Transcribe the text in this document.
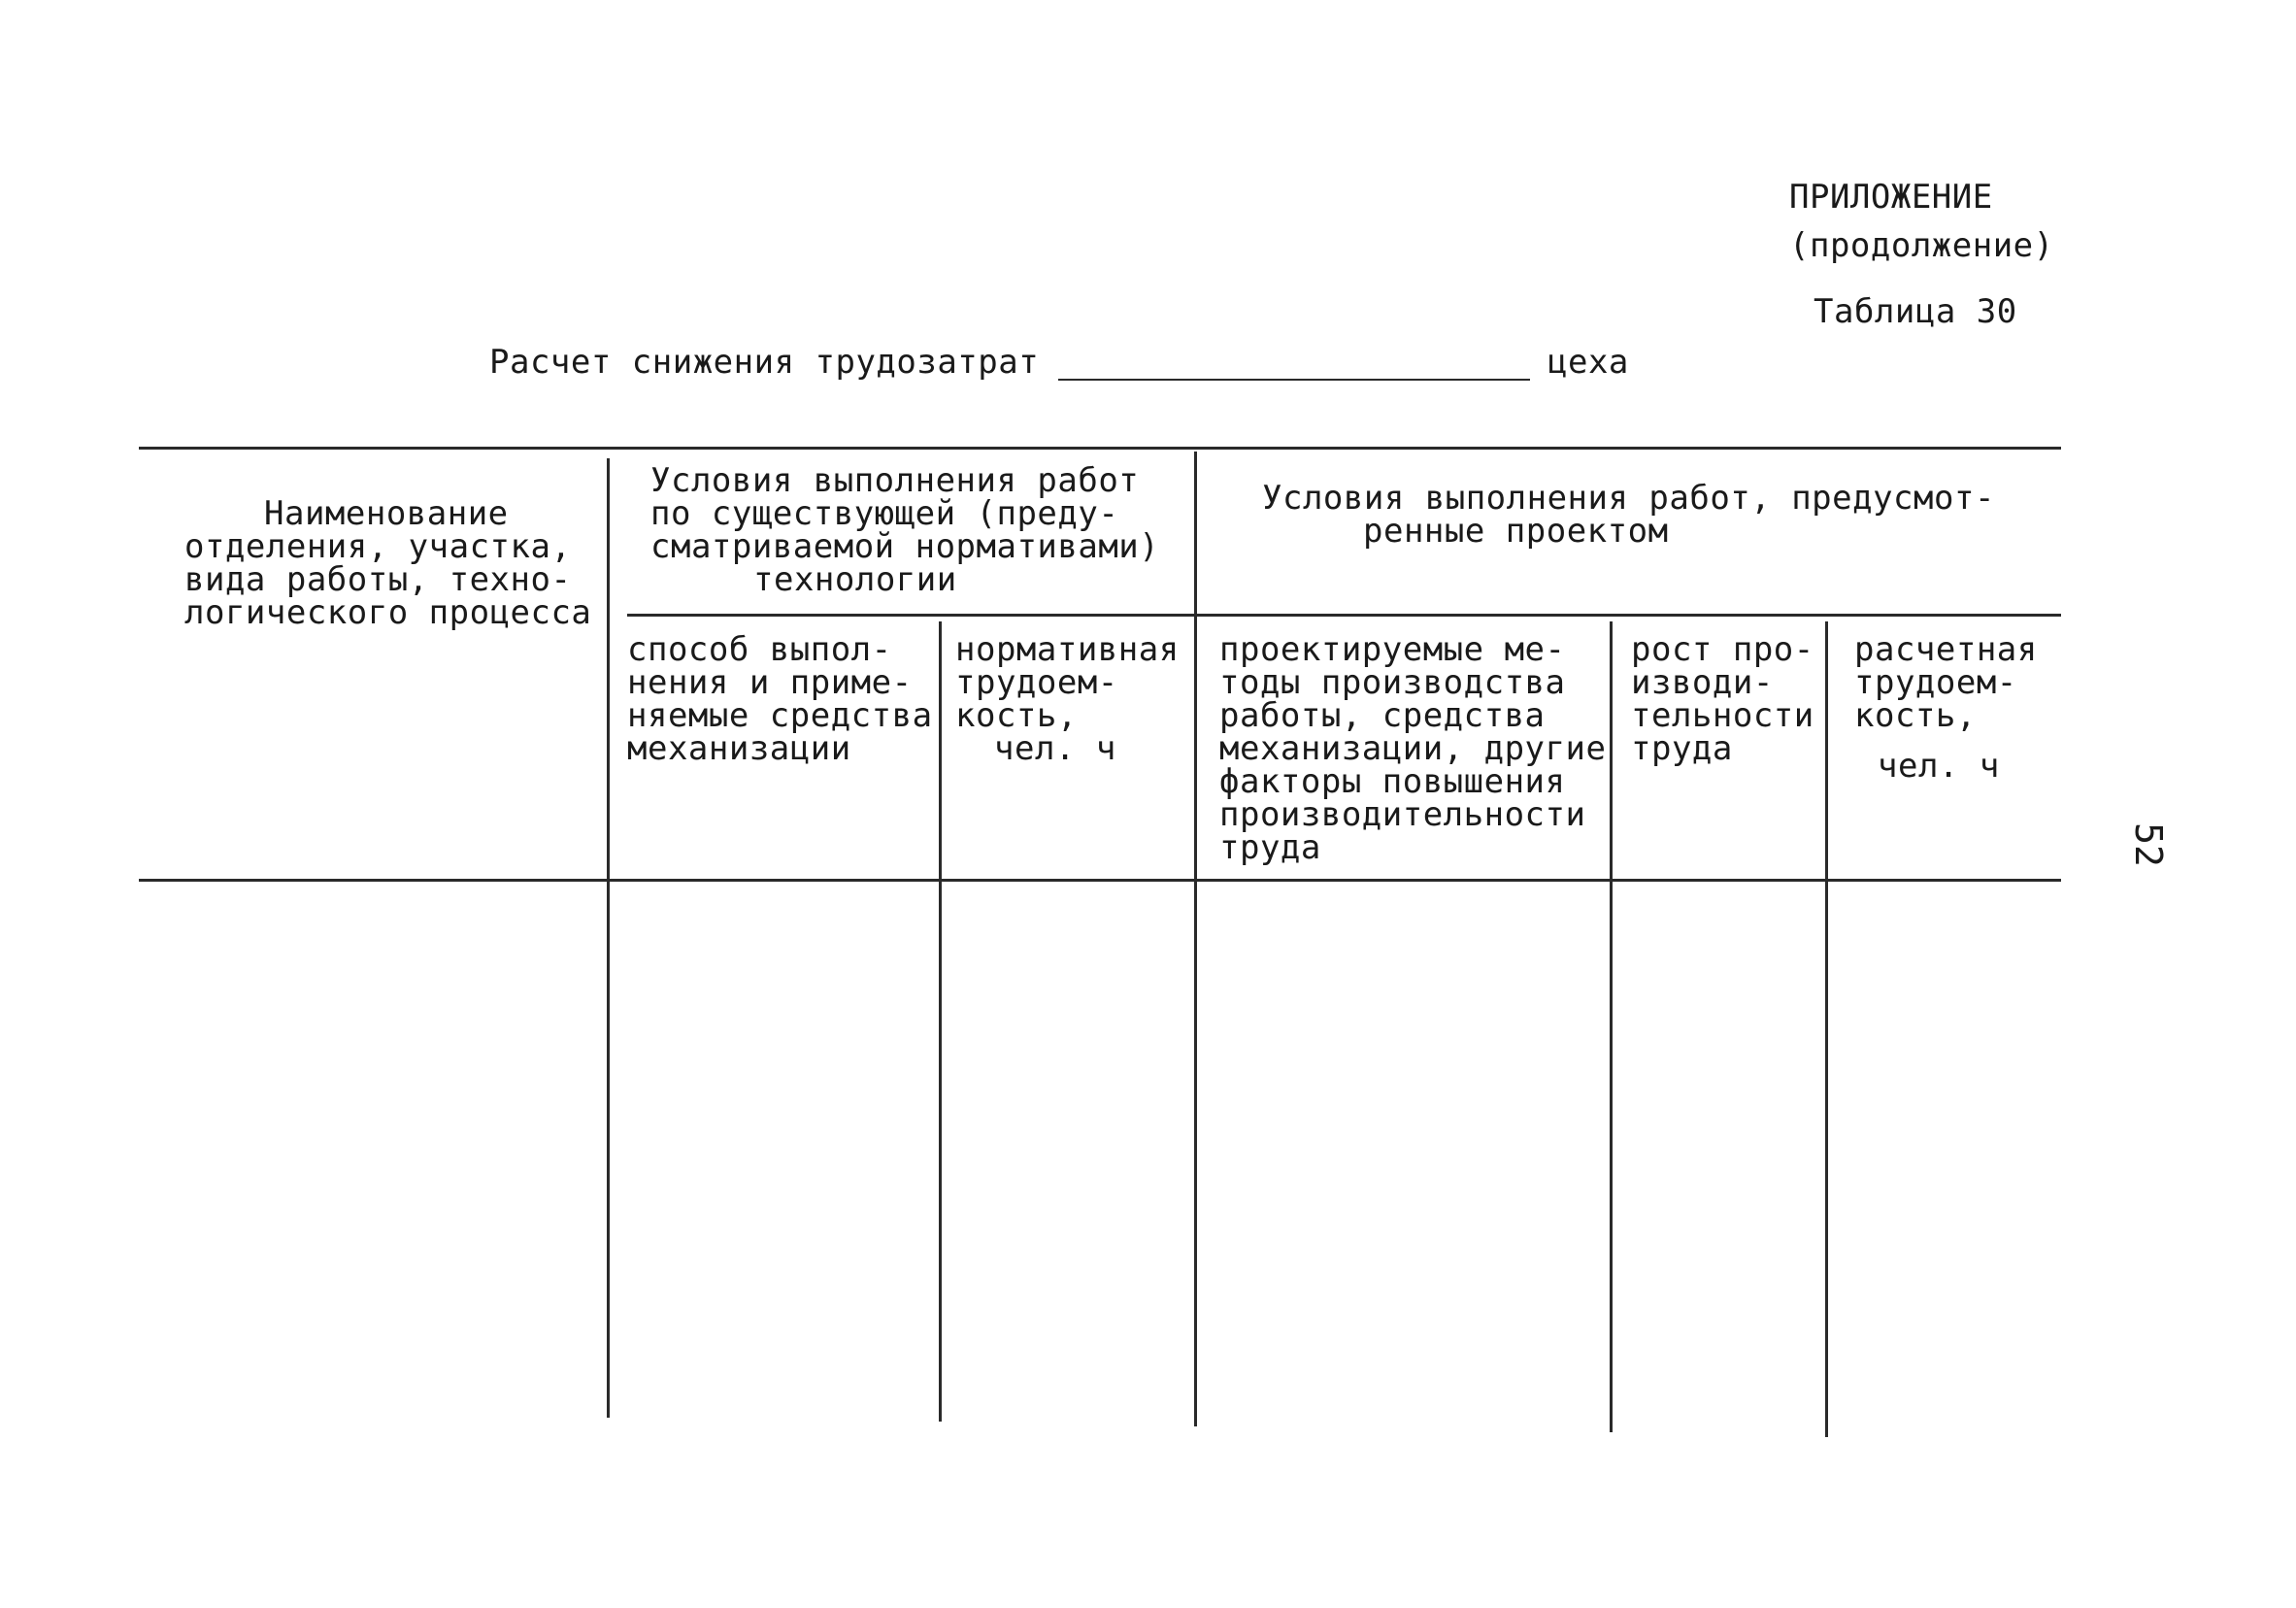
ПРИЛОЖЕНИЕ
(продолжение)
Таблица 30
Расчет снижения трудозатрат	цеха
Наименование
отделения, участка,
вида работы, техно-
логического процесса
Условия выполнения работ
по существующей (преду-
сматриваемой нормативами)
технологии
Условия выполнения работ, предусмот-
ренные проектом
способ выпол-
нения и приме-
няемые средства
механизации
нормативная
трудоем-
кость,
чел. ч
проектируемые ме-
тоды производства
работы, средства
механизации, другие
факторы повышения
производительности
труда
рост про-
изводи-
тельности
труда
расчетная
трудоем-
кость,
чел. ч
52
